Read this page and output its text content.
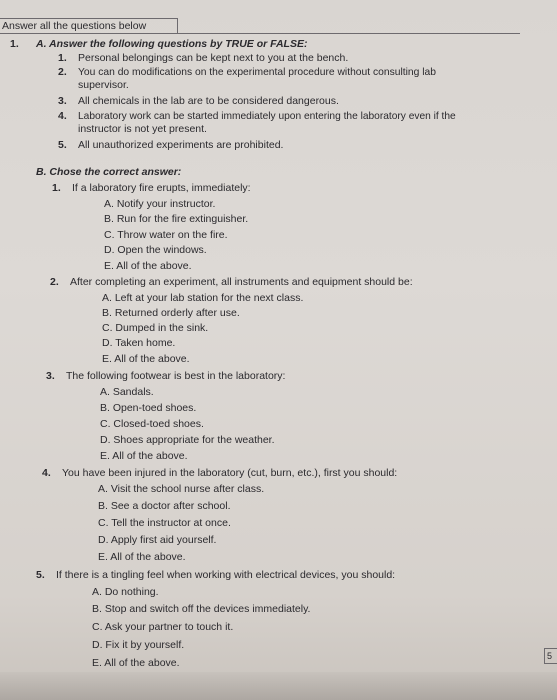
Answer all the questions below
1. A. Answer the following questions by TRUE or FALSE:
1. Personal belongings can be kept next to you at the bench.
2. You can do modifications on the experimental procedure without consulting lab
supervisor.
3. All chemicals in the lab are to be considered dangerous.
4. Laboratory work can be started immediately upon entering the laboratory even if the
instructor is not yet present.
5. All unauthorized experiments are prohibited.
B. Chose the correct answer:
1. If a laboratory fire erupts, immediately:
A. Notify your instructor.
B. Run for the fire extinguisher.
C. Throw water on the fire.
D. Open the windows.
E. All of the above.
2. After completing an experiment, all instruments and equipment should be:
A. Left at your lab station for the next class.
B. Returned orderly after use.
C. Dumped in the sink.
D. Taken home.
E. All of the above.
3. The following footwear is best in the laboratory:
A. Sandals.
B. Open-toed shoes.
C. Closed-toed shoes.
D. Shoes appropriate for the weather.
E. All of the above.
4. You have been injured in the laboratory (cut, burn, etc.), first you should:
A. Visit the school nurse after class.
B. See a doctor after school.
C. Tell the instructor at once.
D. Apply first aid yourself.
E. All of the above.
5. If there is a tingling feel when working with electrical devices, you should:
A. Do nothing.
B. Stop and switch off the devices immediately.
C. Ask your partner to touch it.
D. Fix it by yourself.
E. All of the above.
5
